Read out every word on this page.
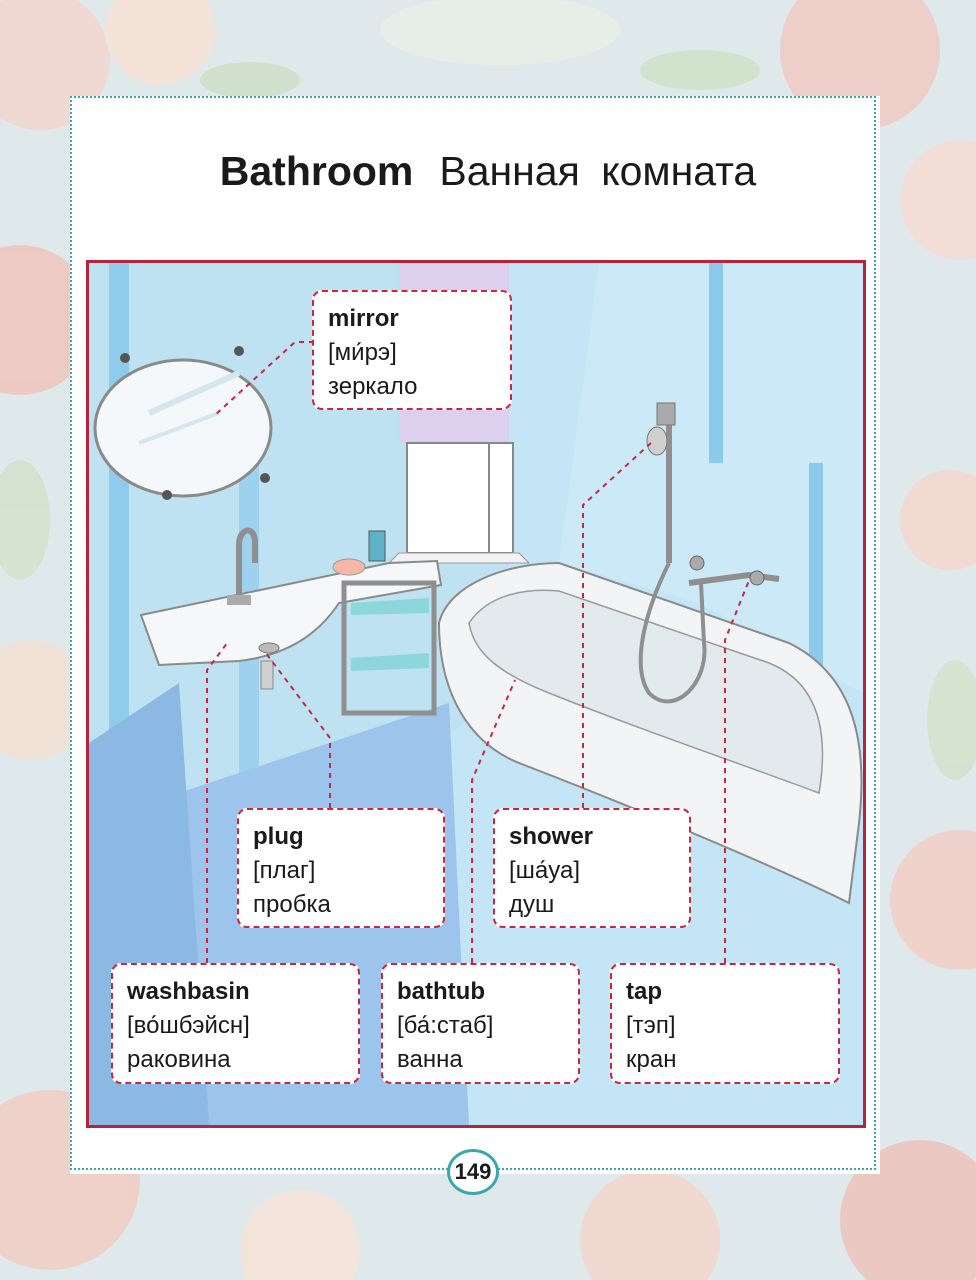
Bathroom Ванная комната
mirror
[ми́рэ]
зеркало
plug
[плаг]
пробка
shower
[ша́уа]
душ
washbasin
[во́шбэйсн]
раковина
bathtub
[ба́:стаб]
ванна
tap
[тэп]
кран
149
